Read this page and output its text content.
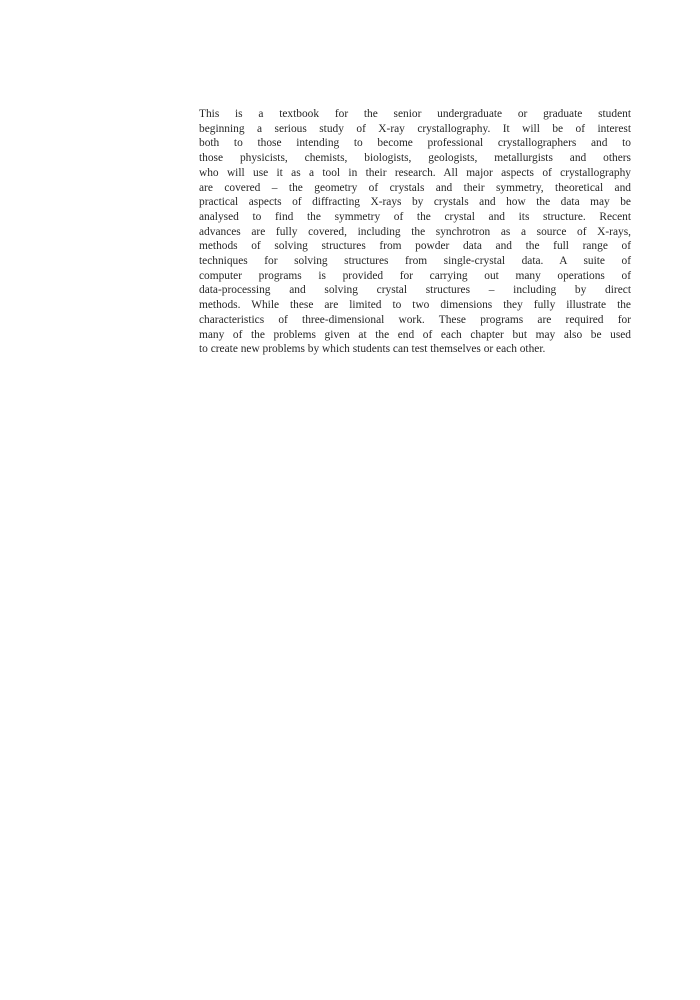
This is a textbook for the senior undergraduate or graduate student
beginning a serious study of X-ray crystallography. It will be of interest
both to those intending to become professional crystallographers and to
those physicists, chemists, biologists, geologists, metallurgists and others
who will use it as a tool in their research. All major aspects of crystallography
are covered – the geometry of crystals and their symmetry, theoretical and
practical aspects of diffracting X-rays by crystals and how the data may be
analysed to find the symmetry of the crystal and its structure. Recent
advances are fully covered, including the synchrotron as a source of X-rays,
methods of solving structures from powder data and the full range of
techniques for solving structures from single-crystal data. A suite of
computer programs is provided for carrying out many operations of
data-processing and solving crystal structures – including by direct
methods. While these are limited to two dimensions they fully illustrate the
characteristics of three-dimensional work. These programs are required for
many of the problems given at the end of each chapter but may also be used
to create new problems by which students can test themselves or each other.
